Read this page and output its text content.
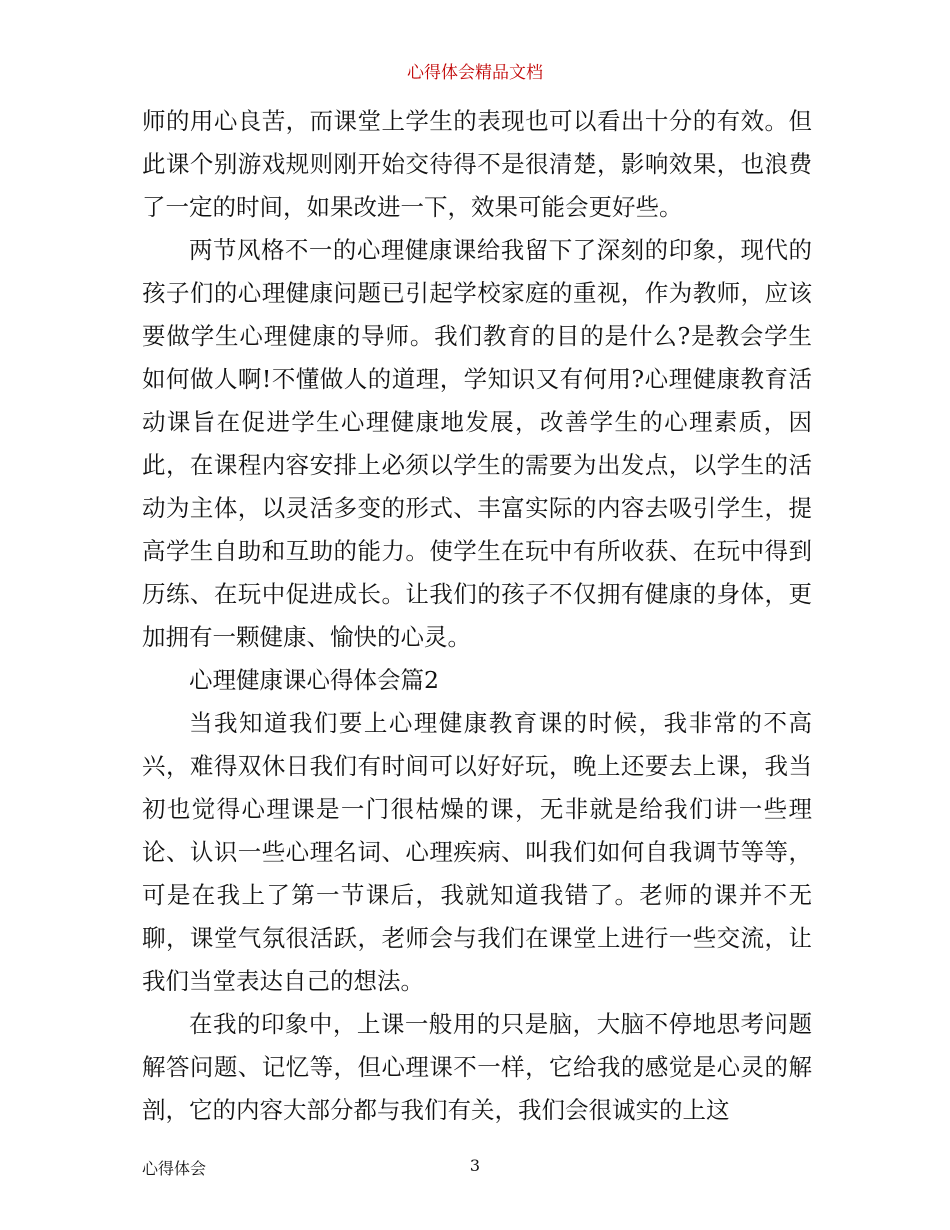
心得体会精品文档

师的用心良苦，而课堂上学生的表现也可以看出十分的有效。但此课个别游戏规则刚开始交待得不是很清楚，影响效果，也浪费了一定的时间，如果改进一下，效果可能会更好些。

两节风格不一的心理健康课给我留下了深刻的印象，现代的孩子们的心理健康问题已引起学校家庭的重视，作为教师，应该要做学生心理健康的导师。我们教育的目的是什么?是教会学生如何做人啊!不懂做人的道理，学知识又有何用?心理健康教育活动课旨在促进学生心理健康地发展，改善学生的心理素质，因此，在课程内容安排上必须以学生的需要为出发点，以学生的活动为主体，以灵活多变的形式、丰富实际的内容去吸引学生，提高学生自助和互助的能力。使学生在玩中有所收获、在玩中得到历练、在玩中促进成长。让我们的孩子不仅拥有健康的身体，更加拥有一颗健康、愉快的心灵。

心理健康课心得体会篇2

当我知道我们要上心理健康教育课的时候，我非常的不高兴，难得双休日我们有时间可以好好玩，晚上还要去上课，我当初也觉得心理课是一门很枯燥的课，无非就是给我们讲一些理论、认识一些心理名词、心理疾病、叫我们如何自我调节等等，可是在我上了第一节课后，我就知道我错了。老师的课并不无聊，课堂气氛很活跃，老师会与我们在课堂上进行一些交流，让我们当堂表达自己的想法。

在我的印象中，上课一般用的只是脑，大脑不停地思考问题解答问题、记忆等，但心理课不一样，它给我的感觉是心灵的解剖，它的内容大部分都与我们有关，我们会很诚实的上这

心得体会	3
